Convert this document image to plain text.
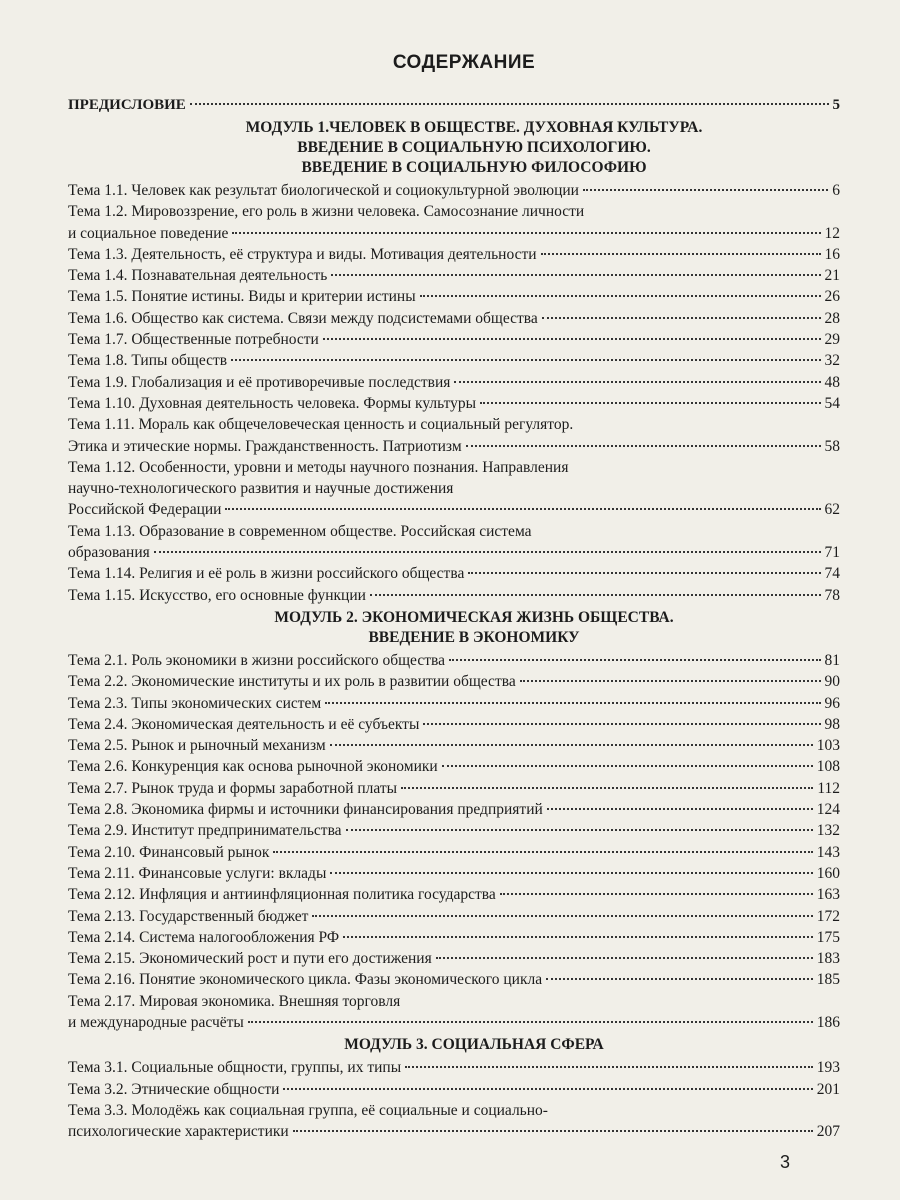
СОДЕРЖАНИЕ
ПРЕДИСЛОВИЕ	5
МОДУЛЬ 1.ЧЕЛОВЕК В ОБЩЕСТВЕ. ДУХОВНАЯ КУЛЬТУРА.
ВВЕДЕНИЕ В СОЦИАЛЬНУЮ ПСИХОЛОГИЮ.
ВВЕДЕНИЕ В СОЦИАЛЬНУЮ ФИЛОСОФИЮ
Тема 1.1. Человек как результат биологической и социокультурной эволюции	6
Тема 1.2. Мировоззрение, его роль в жизни человека. Самосознание личности
и социальное поведение	12
Тема 1.3. Деятельность, её структура и виды. Мотивация деятельности	16
Тема 1.4. Познавательная деятельность	21
Тема 1.5. Понятие истины. Виды и критерии истины	26
Тема 1.6. Общество как система. Связи между подсистемами общества	28
Тема 1.7. Общественные потребности	29
Тема 1.8. Типы обществ	32
Тема 1.9. Глобализация и её противоречивые последствия	48
Тема 1.10. Духовная деятельность человека. Формы культуры	54
Тема 1.11. Мораль как общечеловеческая ценность и социальный регулятор.
Этика и этические нормы. Гражданственность. Патриотизм	58
Тема 1.12. Особенности, уровни и методы научного познания. Направления
научно-технологического развития и научные достижения
Российской Федерации	62
Тема 1.13. Образование в современном обществе. Российская система
образования	71
Тема 1.14. Религия и её роль в жизни российского общества	74
Тема 1.15. Искусство, его основные функции	78
МОДУЛЬ 2. ЭКОНОМИЧЕСКАЯ ЖИЗНЬ ОБЩЕСТВА.
ВВЕДЕНИЕ В ЭКОНОМИКУ
Тема 2.1. Роль экономики в жизни российского общества	81
Тема 2.2. Экономические институты и их роль в развитии общества	90
Тема 2.3. Типы экономических систем	96
Тема 2.4. Экономическая деятельность и её субъекты	98
Тема 2.5. Рынок и рыночный механизм	103
Тема 2.6. Конкуренция как основа рыночной экономики	108
Тема 2.7. Рынок труда и формы заработной платы	112
Тема 2.8. Экономика фирмы и источники финансирования предприятий	124
Тема 2.9. Институт предпринимательства	132
Тема 2.10. Финансовый рынок	143
Тема 2.11. Финансовые услуги: вклады	160
Тема 2.12. Инфляция и антиинфляционная политика государства	163
Тема 2.13. Государственный бюджет	172
Тема 2.14. Система налогообложения РФ	175
Тема 2.15. Экономический рост и пути его достижения	183
Тема 2.16. Понятие экономического цикла. Фазы экономического цикла	185
Тема 2.17. Мировая экономика. Внешняя торговля
и международные расчёты	186
МОДУЛЬ 3. СОЦИАЛЬНАЯ СФЕРА
Тема 3.1. Социальные общности, группы, их типы	193
Тема 3.2. Этнические общности	201
Тема 3.3. Молодёжь как социальная группа, её социальные и социально-
психологические характеристики	207
3
